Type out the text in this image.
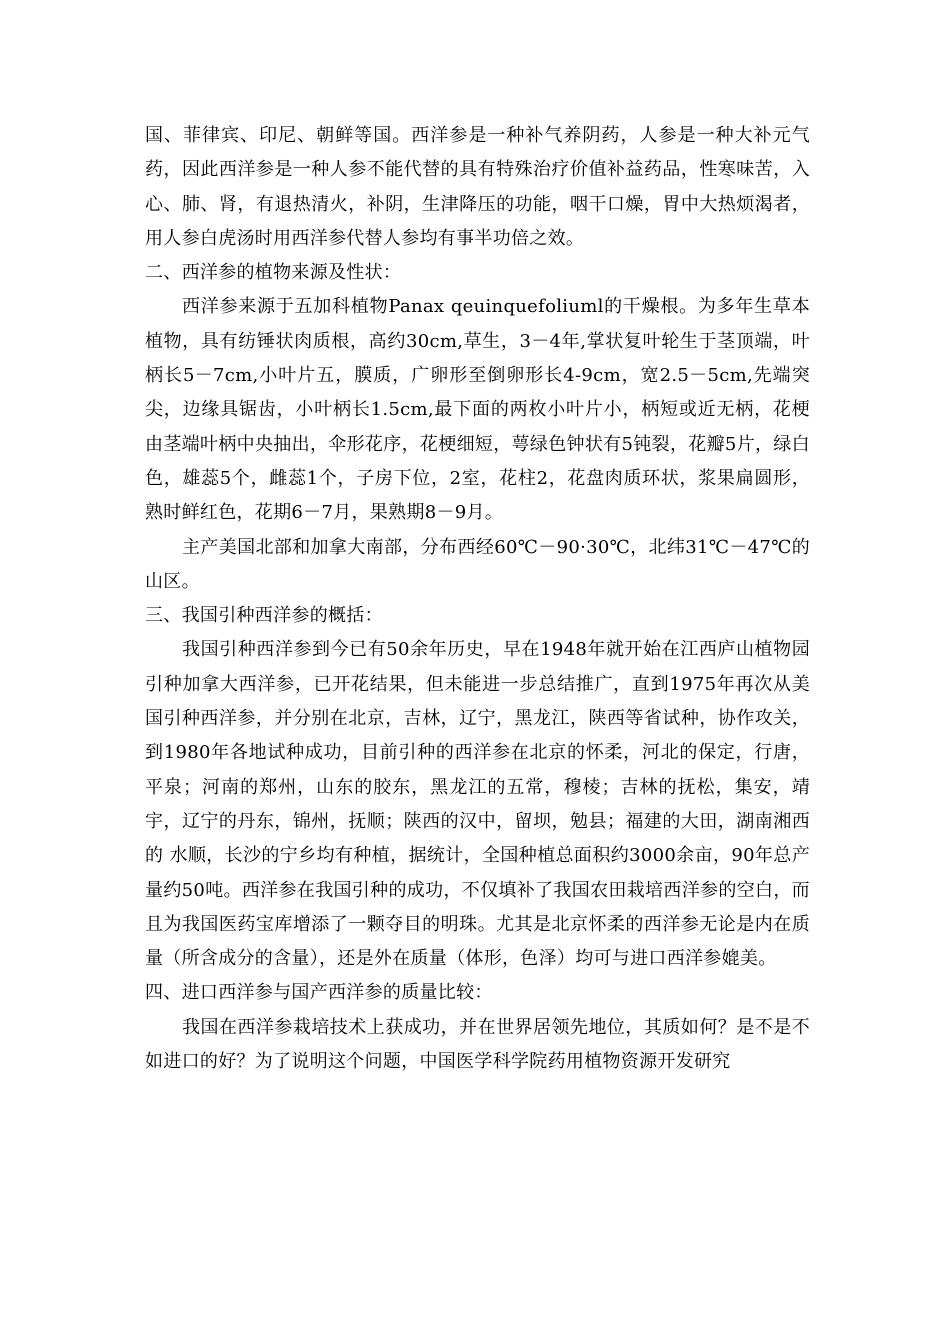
国、菲律宾、印尼、朝鲜等国。西洋参是一种补气养阴药，人参是一种大补元气药，因此西洋参是一种人参不能代替的具有特殊治疗价值补益药品，性寒味苦，入心、肺、肾，有退热清火，补阴，生津降压的功能，咽干口燥，胃中大热烦渴者，用人参白虎汤时用西洋参代替人参均有事半功倍之效。

二、西洋参的植物来源及性状：

西洋参来源于五加科植物Panax qeuinquefoliuml的干燥根。为多年生草本植物，具有纺锤状肉质根，高约30cm,草生，3－4年,掌状复叶轮生于茎顶端，叶柄长5－7cm,小叶片五，膜质，广卵形至倒卵形长4-9cm，宽2.5－5cm,先端突尖，边缘具锯齿，小叶柄长1.5cm,最下面的两枚小叶片小，柄短或近无柄，花梗由茎端叶柄中央抽出，伞形花序，花梗细短，萼绿色钟状有5钝裂，花瓣5片，绿白色，雄蕊5个，雌蕊1个，子房下位，2室，花柱2，花盘肉质环状，浆果扁圆形，熟时鲜红色，花期6－7月，果熟期8－9月。

主产美国北部和加拿大南部，分布西经60℃－90·30℃，北纬31℃－47℃的山区。

三、我国引种西洋参的概括：

我国引种西洋参到今已有50余年历史，早在1948年就开始在江西庐山植物园引种加拿大西洋参，已开花结果，但未能进一步总结推广，直到1975年再次从美国引种西洋参，并分别在北京，吉林，辽宁，黑龙江，陕西等省试种，协作攻关，到1980年各地试种成功，目前引种的西洋参在北京的怀柔，河北的保定，行唐，平泉；河南的郑州，山东的胶东，黑龙江的五常，穆棱；吉林的抚松，集安，靖宇，辽宁的丹东，锦州，抚顺；陕西的汉中，留坝，勉县；福建的大田，湖南湘西的 水顺，长沙的宁乡均有种植，据统计，全国种植总面积约3000余亩，90年总产量约50吨。西洋参在我国引种的成功，不仅填补了我国农田栽培西洋参的空白，而且为我国医药宝库增添了一颗夺目的明珠。尤其是北京怀柔的西洋参无论是内在质量（所含成分的含量），还是外在质量（体形，色泽）均可与进口西洋参媲美。

四、进口西洋参与国产西洋参的质量比较：

我国在西洋参栽培技术上获成功，并在世界居领先地位，其质如何？是不是不如进口的好？为了说明这个问题，中国医学科学院药用植物资源开发研究
